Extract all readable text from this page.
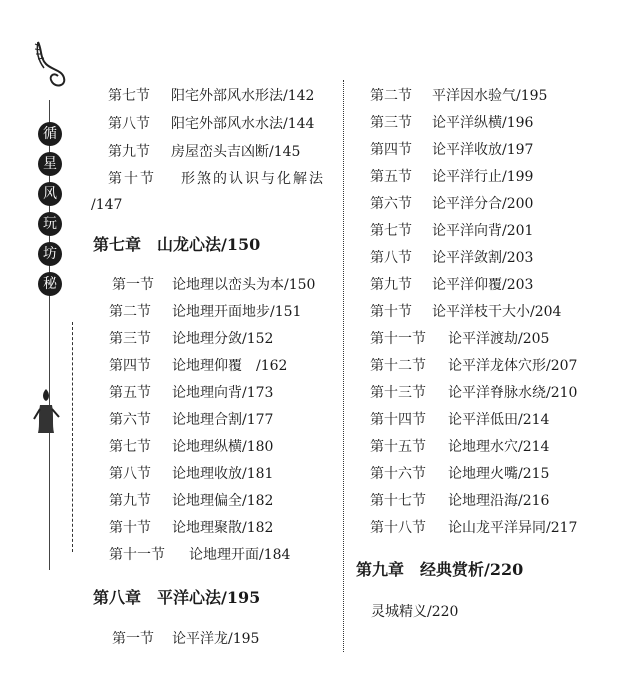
循
星
风
玩
坊
秘
第七节 阳宅外部风水形法/142
第八节 阳宅外部风水水法/144
第九节 房屋峦头吉凶断/145
第十节 形煞的认识与化解法
/147
第七章　山龙心法/150
第一节 论地理以峦头为本/150
第二节 论地理开面地步/151
第三节 论地理分敛/152
第四节 论地理仰覆　/162
第五节 论地理向背/173
第六节 论地理合割/177
第七节 论地理纵横/180
第八节 论地理收放/181
第九节 论地理偏全/182
第十节 论地理聚散/182
第十一节 论地理开面/184
第八章　平洋心法/195
第一节 论平洋龙/195
第二节 平洋因水验气/195
第三节 论平洋纵横/196
第四节 论平洋收放/197
第五节 论平洋行止/199
第六节 论平洋分合/200
第七节 论平洋向背/201
第八节 论平洋敛割/203
第九节 论平洋仰覆/203
第十节 论平洋枝干大小/204
第十一节 论平洋渡劫/205
第十二节 论平洋龙体穴形/207
第十三节 论平洋脊脉水绕/210
第十四节 论平洋低田/214
第十五节 论地理水穴/214
第十六节 论地理火嘴/215
第十七节 论地理沿海/216
第十八节 论山龙平洋异同/217
第九章　经典赏析/220
灵城精义/220
